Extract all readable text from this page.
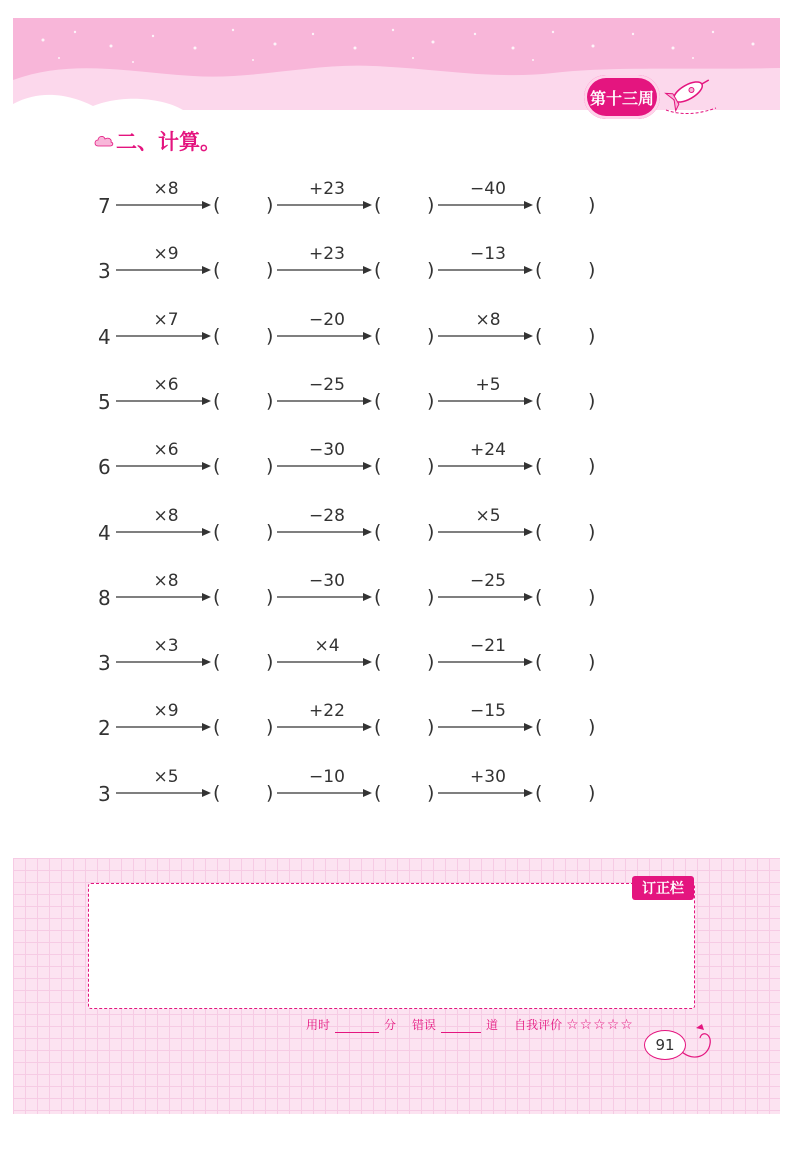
第十三周
二、计算。
7
×8
( )
+23
( )
−40
( )
3
×9
( )
+23
( )
−13
( )
4
×7
( )
−20
( )
×8
( )
5
×6
( )
−25
( )
+5
( )
6
×6
( )
−30
( )
+24
( )
4
×8
( )
−28
( )
×5
( )
8
×8
( )
−30
( )
−25
( )
3
×3
( )
×4
( )
−21
( )
2
×9
( )
+22
( )
−15
( )
3
×5
( )
−10
( )
+30
( )
订正栏
用时	分 错误	道 自我评价 ☆☆☆☆☆
91
